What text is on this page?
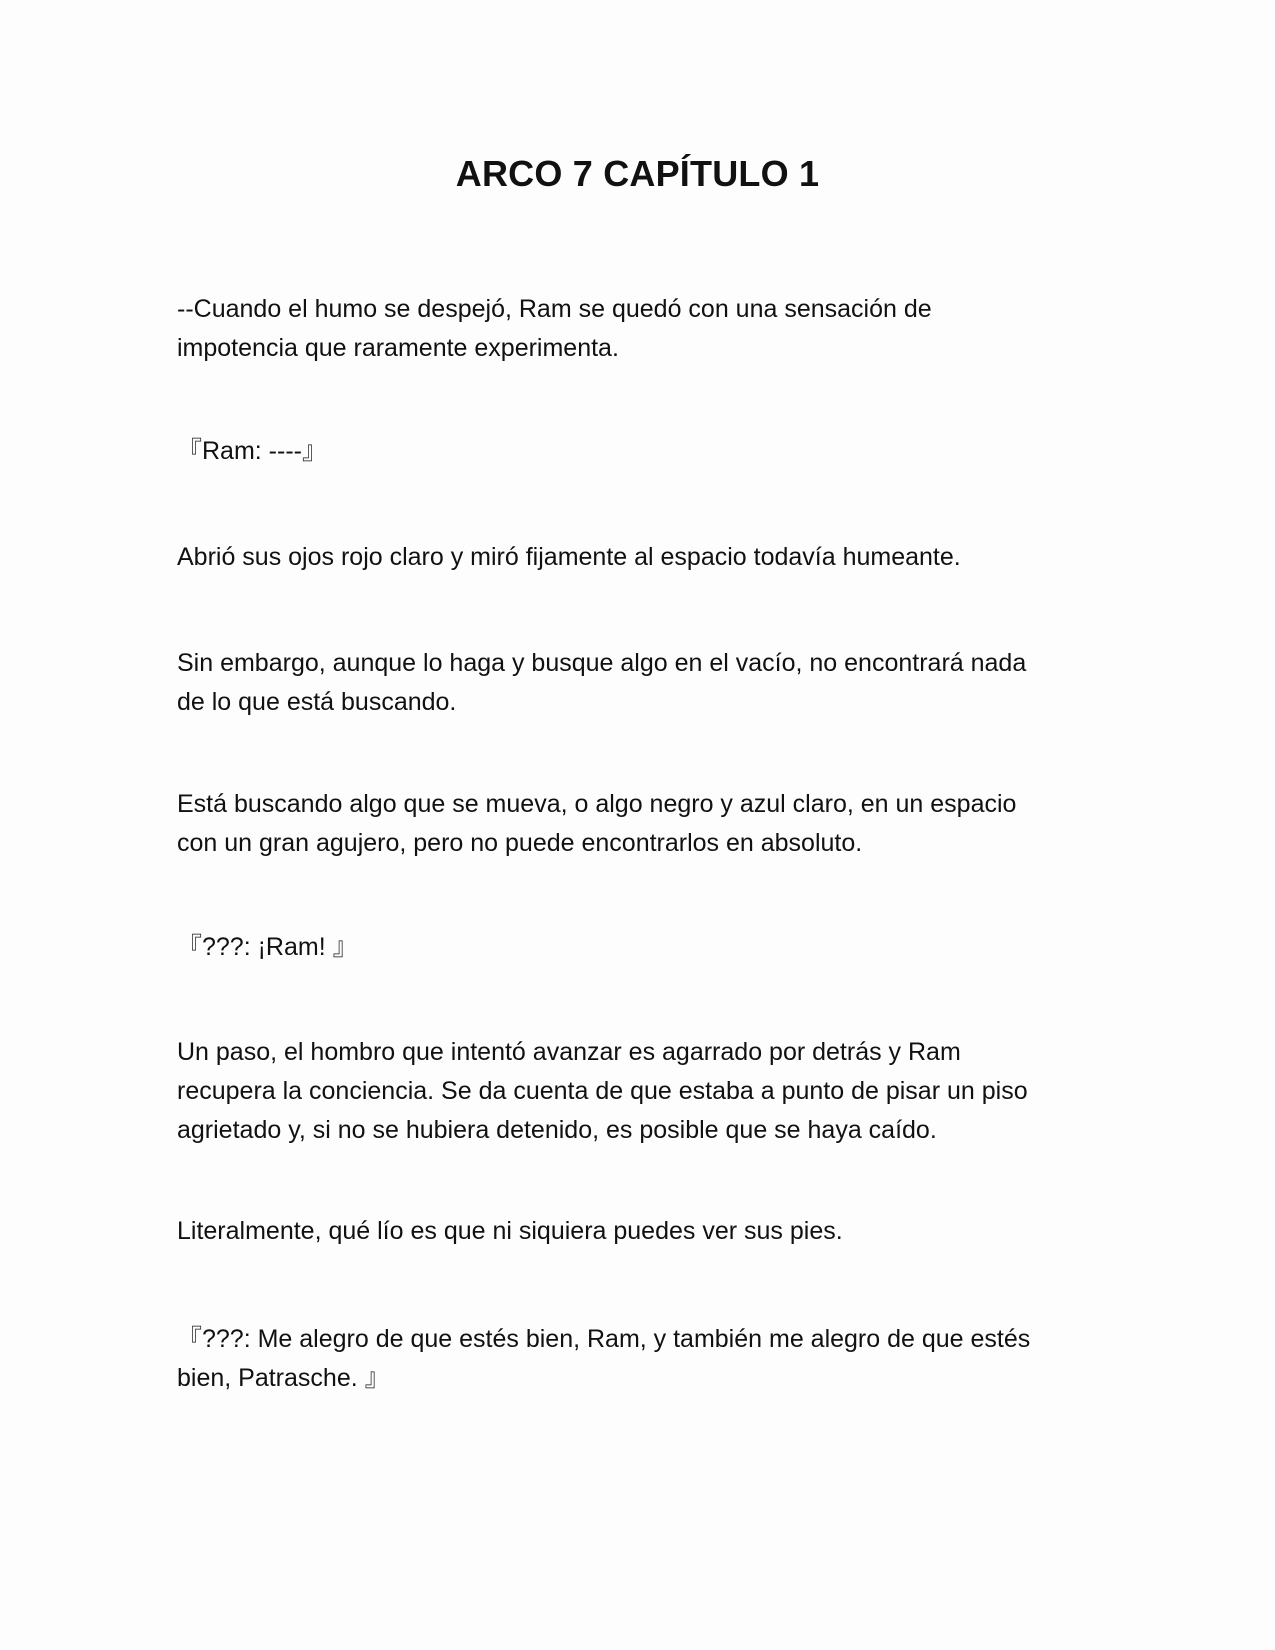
ARCO 7 CAPÍTULO 1
--Cuando el humo se despejó, Ram se quedó con una sensación de
impotencia que raramente experimenta.
『Ram: ----』
Abrió sus ojos rojo claro y miró fijamente al espacio todavía humeante.
Sin embargo, aunque lo haga y busque algo en el vacío, no encontrará nada
de lo que está buscando.
Está buscando algo que se mueva, o algo negro y azul claro, en un espacio
con un gran agujero, pero no puede encontrarlos en absoluto.
『???: ¡Ram! 』
Un paso, el hombro que intentó avanzar es agarrado por detrás y Ram
recupera la conciencia. Se da cuenta de que estaba a punto de pisar un piso
agrietado y, si no se hubiera detenido, es posible que se haya caído.
Literalmente, qué lío es que ni siquiera puedes ver sus pies.
『???: Me alegro de que estés bien, Ram, y también me alegro de que estés
bien, Patrasche. 』
